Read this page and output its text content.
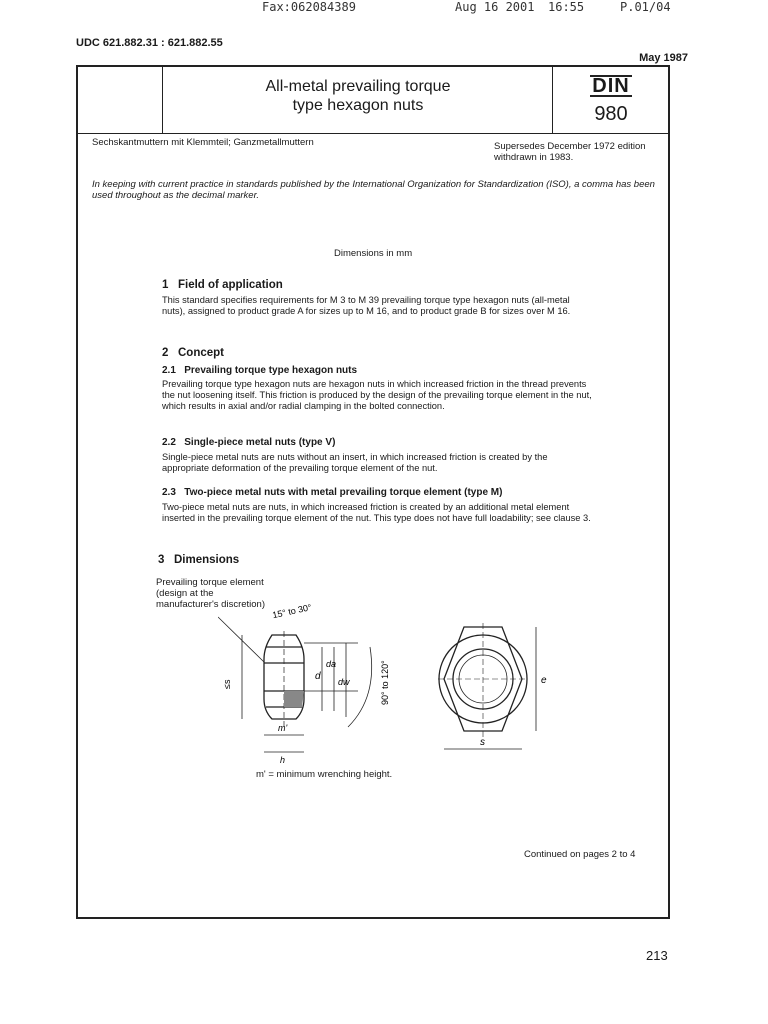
Fax:062084389	Aug 16 2001 16:55	P.01/04
UDC 621.882.31 : 621.882.55
May 1987
All-metal prevailing torque
type hexagon nuts
DIN
980
Sechskantmuttern mit Klemmteil; Ganzmetallmuttern	Supersedes December 1972 edition withdrawn in 1983.
In keeping with current practice in standards published by the International Organization for Standardization (ISO), a comma has been used throughout as the decimal marker.
Dimensions in mm
1 Field of application
This standard specifies requirements for M 3 to M 39 prevailing torque type hexagon nuts (all-metal nuts), assigned to product grade A for sizes up to M 16, and to product grade B for sizes over M 16.
2 Concept
2.1 Prevailing torque type hexagon nuts
Prevailing torque type hexagon nuts are hexagon nuts in which increased friction in the thread prevents the nut loosening itself. This friction is produced by the design of the prevailing torque element in the nut, which results in axial and/or radial clamping in the bolted connection.
2.2 Single-piece metal nuts (type V)
Single-piece metal nuts are nuts without an insert, in which increased friction is created by the appropriate deformation of the prevailing torque element of the nut.
2.3 Two-piece metal nuts with metal prevailing torque element (type M)
Two-piece metal nuts are nuts, in which increased friction is created by an additional metal element inserted in the prevailing torque element of the nut. This type does not have full loadability; see clause 3.
3 Dimensions
Prevailing torque element (design at the manufacturer's discretion)
≤s
d
da
dw
15° to 30°
90° to 120°
m'
h
s
e
m' = minimum wrenching height.
Continued on pages 2 to 4
213
